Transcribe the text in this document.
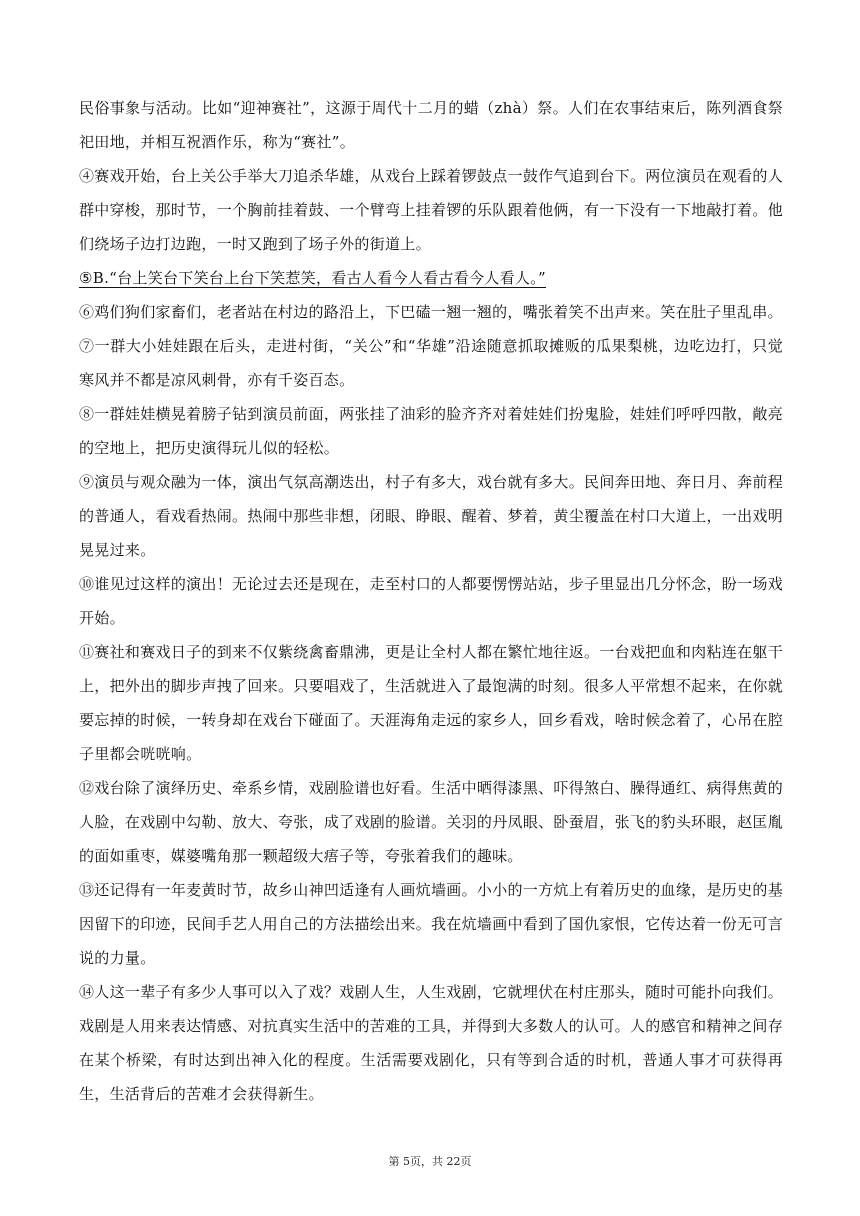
民俗事象与活动。比如“迎神赛社”，这源于周代十二月的蜡（zhà）祭。人们在农事结束后，陈列酒食祭祀田地，并相互祝酒作乐，称为“赛社”。

④赛戏开始，台上关公手举大刀追杀华雄，从戏台上踩着锣鼓点一鼓作气追到台下。两位演员在观看的人群中穿梭，那时节，一个胸前挂着鼓、一个臂弯上挂着锣的乐队跟着他俩，有一下没有一下地敲打着。他们绕场子边打边跑，一时又跑到了场子外的街道上。

⑤B.“台上笑台下笑台上台下笑惹笑，看古人看今人看古看今人看人。”

⑥鸡们狗们家畜们，老者站在村边的路沿上，下巴磕一翘一翘的，嘴张着笑不出声来。笑在肚子里乱串。

⑦一群大小娃娃跟在后头，走进村街，“关公”和“华雄”沿途随意抓取摊贩的瓜果梨桃，边吃边打，只觉寒风并不都是凉风刺骨，亦有千姿百态。

⑧一群娃娃横晃着膀子钻到演员前面，两张挂了油彩的脸齐齐对着娃娃们扮鬼脸，娃娃们呼呼四散，敞亮的空地上，把历史演得玩儿似的轻松。

⑨演员与观众融为一体，演出气氛高潮迭出，村子有多大，戏台就有多大。民间奔田地、奔日月、奔前程的普通人，看戏看热闹。热闹中那些非想，闭眼、睁眼、醒着、梦着，黄尘覆盖在村口大道上，一出戏明晃晃过来。

⑩谁见过这样的演出！无论过去还是现在，走至村口的人都要愣愣站站，步子里显出几分怀念，盼一场戏开始。

⑪赛社和赛戏日子的到来不仅紫绕禽畜鼎沸，更是让全村人都在繁忙地往返。一台戏把血和肉粘连在躯干上，把外出的脚步声拽了回来。只要唱戏了，生活就进入了最饱满的时刻。很多人平常想不起来，在你就要忘掉的时候，一转身却在戏台下碰面了。天涯海角走远的家乡人，回乡看戏，啥时候念着了，心吊在腔子里都会咣咣响。

⑫戏台除了演绎历史、牵系乡情，戏剧脸谱也好看。生活中晒得漆黑、吓得煞白、臊得通红、病得焦黄的人脸，在戏剧中勾勒、放大、夸张，成了戏剧的脸谱。关羽的丹凤眼、卧蚕眉，张飞的豹头环眼，赵匡胤的面如重枣，媒婆嘴角那一颗超级大痦子等，夸张着我们的趣味。

⑬还记得有一年麦黄时节，故乡山神凹适逢有人画炕墙画。小小的一方炕上有着历史的血缘，是历史的基因留下的印迹，民间手艺人用自己的方法描绘出来。我在炕墙画中看到了国仇家恨，它传达着一份无可言说的力量。

⑭人这一辈子有多少人事可以入了戏？戏剧人生，人生戏剧，它就埋伏在村庄那头，随时可能扑向我们。戏剧是人用来表达情感、对抗真实生活中的苦难的工具，并得到大多数人的认可。人的感官和精神之间存在某个桥梁，有时达到出神入化的程度。生活需要戏剧化，只有等到合适的时机，普通人事才可获得再生，生活背后的苦难才会获得新生。

第 5页，共 22页
